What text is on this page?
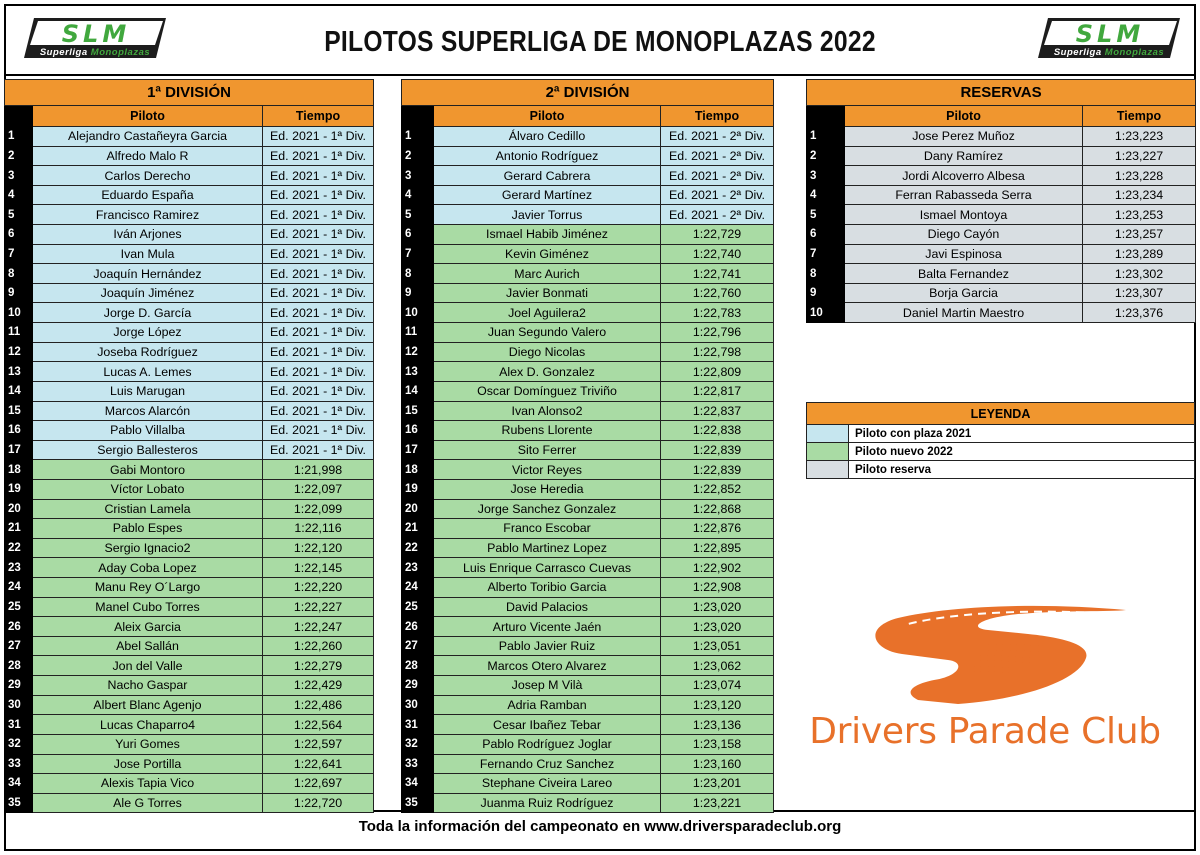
SLM
Superliga Monoplazas
SLM
Superliga Monoplazas
PILOTOS SUPERLIGA DE MONOPLAZAS 2022
1ª DIVISIÓN		
	Piloto	Tiempo
1	Alejandro Castañeyra Garcia	Ed. 2021 - 1ª Div.
2	Alfredo Malo R	Ed. 2021 - 1ª Div.
3	Carlos Derecho	Ed. 2021 - 1ª Div.
4	Eduardo España	Ed. 2021 - 1ª Div.
5	Francisco Ramirez	Ed. 2021 - 1ª Div.
6	Iván Arjones	Ed. 2021 - 1ª Div.
7	Ivan Mula	Ed. 2021 - 1ª Div.
8	Joaquín Hernández	Ed. 2021 - 1ª Div.
9	Joaquín Jiménez	Ed. 2021 - 1ª Div.
10	Jorge D. García	Ed. 2021 - 1ª Div.
11	Jorge López	Ed. 2021 - 1ª Div.
12	Joseba Rodríguez	Ed. 2021 - 1ª Div.
13	Lucas A. Lemes	Ed. 2021 - 1ª Div.
14	Luis Marugan	Ed. 2021 - 1ª Div.
15	Marcos Alarcón	Ed. 2021 - 1ª Div.
16	Pablo Villalba	Ed. 2021 - 1ª Div.
17	Sergio Ballesteros	Ed. 2021 - 1ª Div.
18	Gabi Montoro	1:21,998
19	Víctor Lobato	1:22,097
20	Cristian Lamela	1:22,099
21	Pablo Espes	1:22,116
22	Sergio Ignacio2	1:22,120
23	Aday Coba Lopez	1:22,145
24	Manu Rey O´Largo	1:22,220
25	Manel Cubo Torres	1:22,227
26	Aleix Garcia	1:22,247
27	Abel Sallán	1:22,260
28	Jon del Valle	1:22,279
29	Nacho Gaspar	1:22,429
30	Albert Blanc Agenjo	1:22,486
31	Lucas Chaparro4	1:22,564
32	Yuri Gomes	1:22,597
33	Jose Portilla	1:22,641
34	Alexis Tapia Vico	1:22,697
35	Ale G Torres	1:22,720
2ª DIVISIÓN		
	Piloto	Tiempo
1	Álvaro Cedillo	Ed. 2021 - 2ª Div.
2	Antonio Rodríguez	Ed. 2021 - 2ª Div.
3	Gerard Cabrera	Ed. 2021 - 2ª Div.
4	Gerard Martínez	Ed. 2021 - 2ª Div.
5	Javier Torrus	Ed. 2021 - 2ª Div.
6	Ismael Habib Jiménez	1:22,729
7	Kevin Giménez	1:22,740
8	Marc Aurich	1:22,741
9	Javier Bonmati	1:22,760
10	Joel Aguilera2	1:22,783
11	Juan Segundo Valero	1:22,796
12	Diego Nicolas	1:22,798
13	Alex D. Gonzalez	1:22,809
14	Oscar Domínguez Triviño	1:22,817
15	Ivan Alonso2	1:22,837
16	Rubens Llorente	1:22,838
17	Sito Ferrer	1:22,839
18	Victor Reyes	1:22,839
19	Jose Heredia	1:22,852
20	Jorge Sanchez Gonzalez	1:22,868
21	Franco Escobar	1:22,876
22	Pablo Martinez Lopez	1:22,895
23	Luis Enrique Carrasco Cuevas	1:22,902
24	Alberto Toribio Garcia	1:22,908
25	David Palacios	1:23,020
26	Arturo Vicente Jaén	1:23,020
27	Pablo Javier Ruiz	1:23,051
28	Marcos Otero Alvarez	1:23,062
29	Josep M Vilà	1:23,074
30	Adria Ramban	1:23,120
31	Cesar Ibañez Tebar	1:23,136
32	Pablo Rodríguez Joglar	1:23,158
33	Fernando Cruz Sanchez	1:23,160
34	Stephane Civeira Lareo	1:23,201
35	Juanma Ruiz Rodríguez	1:23,221
RESERVAS		
	Piloto	Tiempo
1	Jose Perez Muñoz	1:23,223
2	Dany Ramírez	1:23,227
3	Jordi Alcoverro Albesa	1:23,228
4	Ferran Rabasseda Serra	1:23,234
5	Ismael Montoya	1:23,253
6	Diego Cayón	1:23,257
7	Javi Espinosa	1:23,289
8	Balta Fernandez	1:23,302
9	Borja Garcia	1:23,307
10	Daniel Martin Maestro	1:23,376
LEYENDA	
	Piloto con plaza 2021
	Piloto nuevo 2022
	Piloto reserva
Drivers Parade Club
Toda la información del campeonato en www.driversparadeclub.org
